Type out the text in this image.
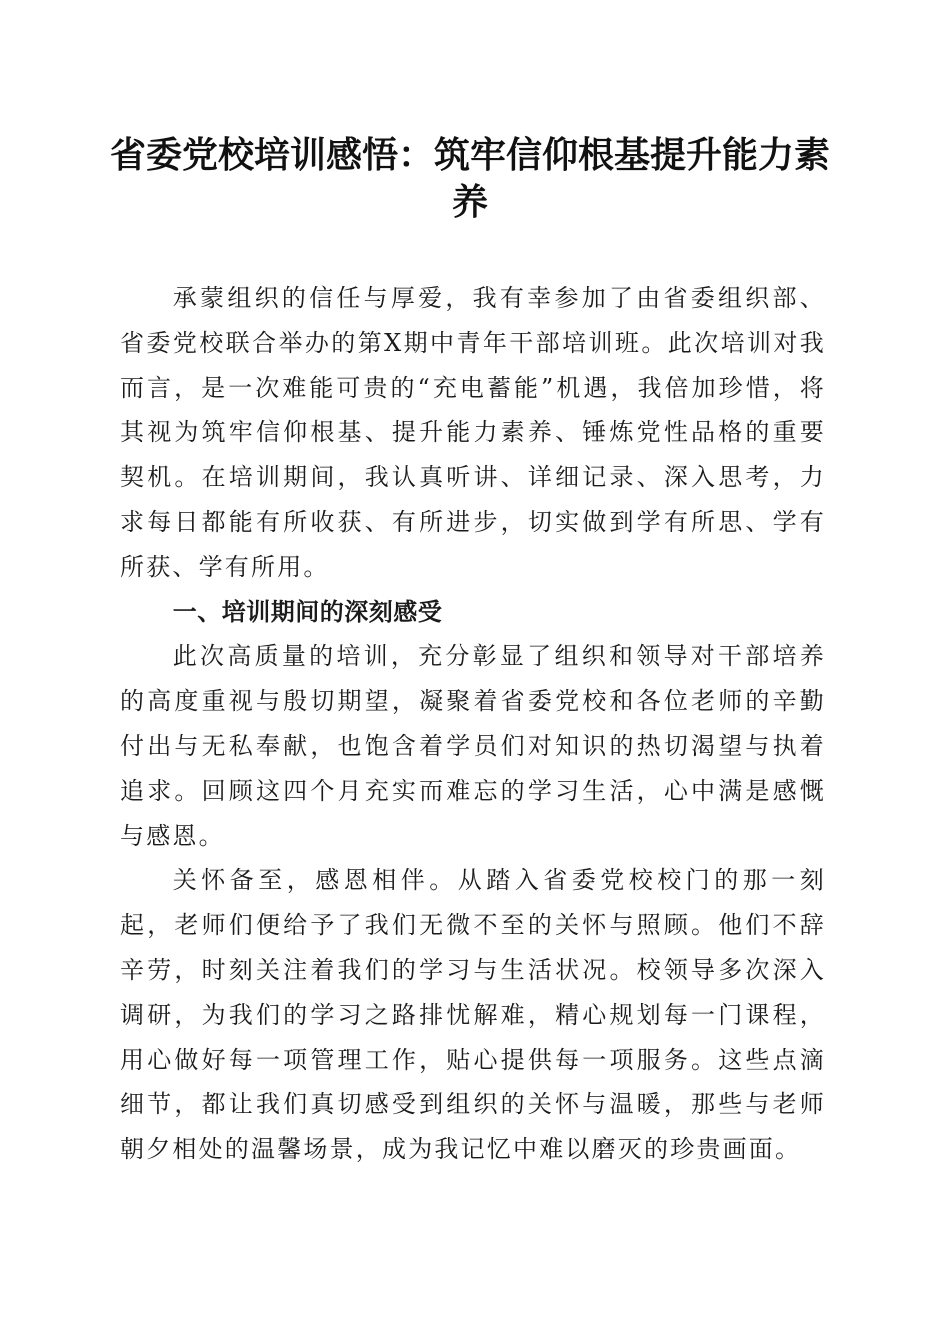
省委党校培训感悟：筑牢信仰根基提升能力素养

承蒙组织的信任与厚爱，我有幸参加了由省委组织部、省委党校联合举办的第X期中青年干部培训班。此次培训对我而言，是一次难能可贵的“充电蓄能”机遇，我倍加珍惜，将其视为筑牢信仰根基、提升能力素养、锤炼党性品格的重要契机。在培训期间，我认真听讲、详细记录、深入思考，力求每日都能有所收获、有所进步，切实做到学有所思、学有所获、学有所用。

一、培训期间的深刻感受

此次高质量的培训，充分彰显了组织和领导对干部培养的高度重视与殷切期望，凝聚着省委党校和各位老师的辛勤付出与无私奉献，也饱含着学员们对知识的热切渴望与执着追求。回顾这四个月充实而难忘的学习生活，心中满是感慨与感恩。

关怀备至，感恩相伴。从踏入省委党校校门的那一刻起，老师们便给予了我们无微不至的关怀与照顾。他们不辞辛劳，时刻关注着我们的学习与生活状况。校领导多次深入调研，为我们的学习之路排忧解难，精心规划每一门课程，用心做好每一项管理工作，贴心提供每一项服务。这些点滴细节，都让我们真切感受到组织的关怀与温暖，那些与老师朝夕相处的温馨场景，成为我记忆中难以磨灭的珍贵画面。
